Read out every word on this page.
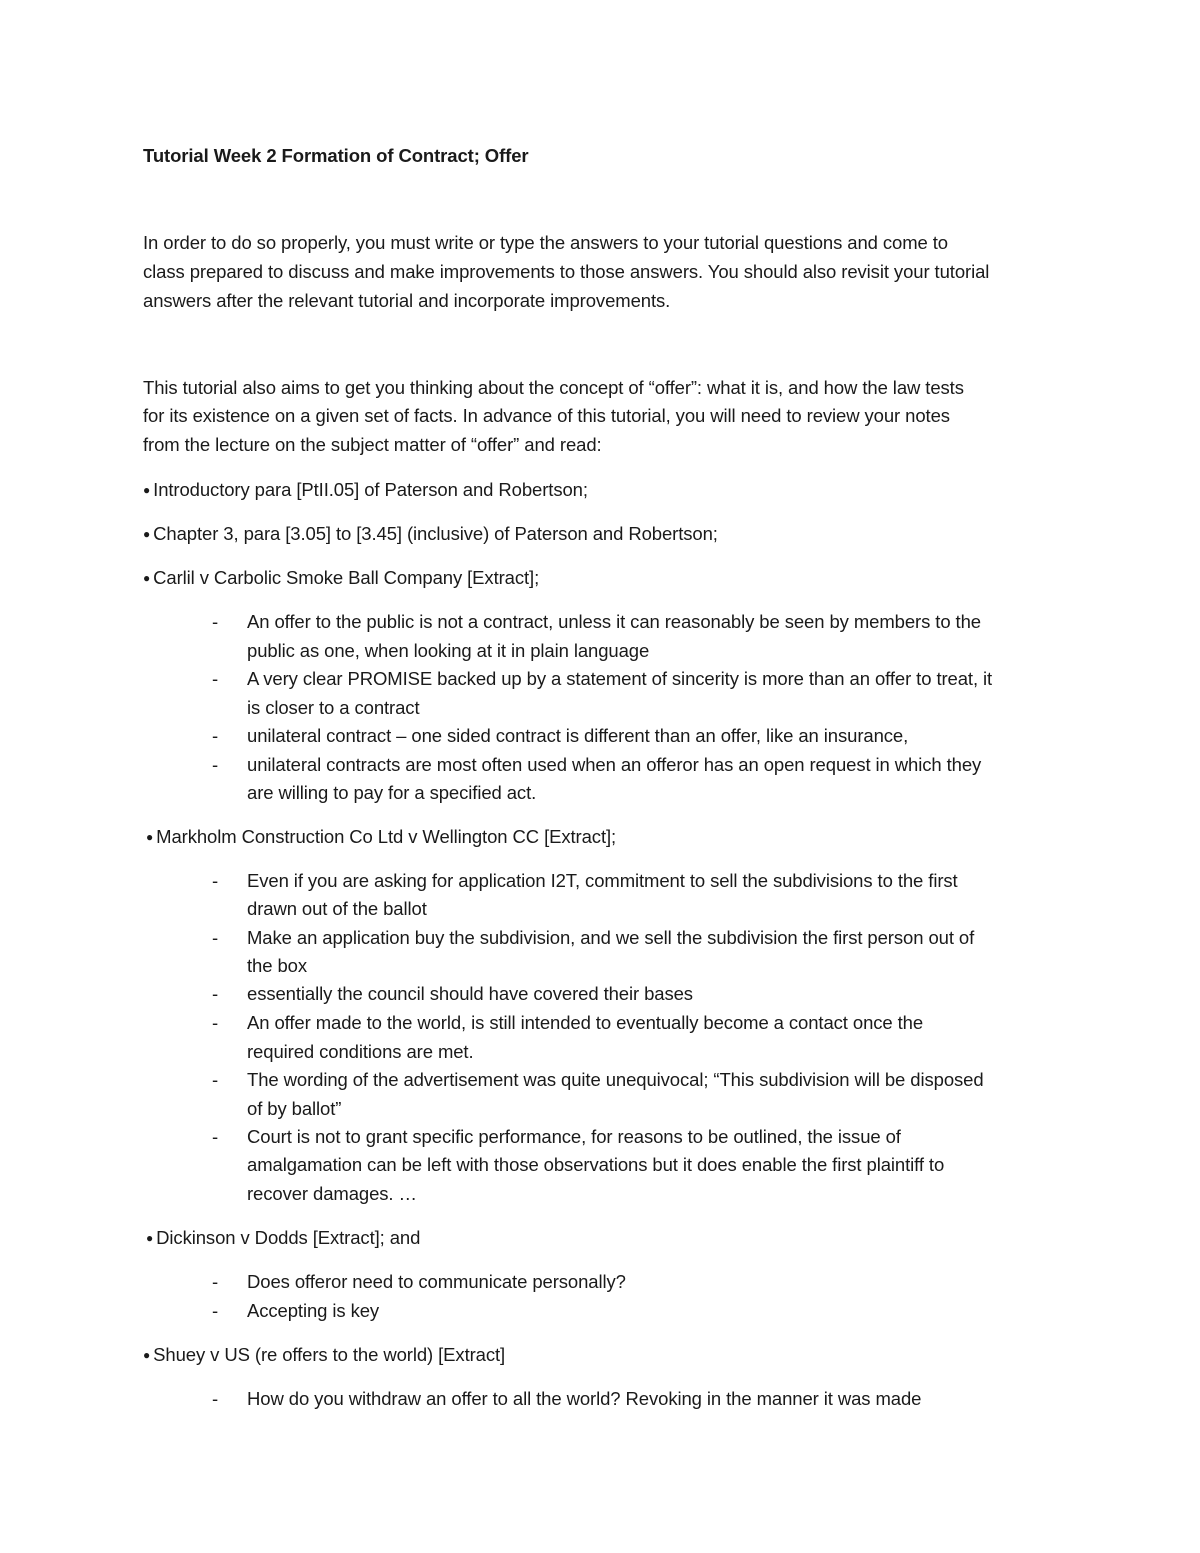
Tutorial Week 2 Formation of Contract; Offer
In order to do so properly, you must write or type the answers to your tutorial questions and come to
class prepared to discuss and make improvements to those answers. You should also revisit your tutorial
answers after the relevant tutorial and incorporate improvements.
This tutorial also aims to get you thinking about the concept of “offer”: what it is, and how the law tests
for its existence on a given set of facts. In advance of this tutorial, you will need to review your notes
from the lecture on the subject matter of “offer” and read:
● Introductory para [PtII.05] of Paterson and Robertson;
● Chapter 3, para [3.05] to [3.45] (inclusive) of Paterson and Robertson;
● Carlil v Carbolic Smoke Ball Company [Extract];
- An offer to the public is not a contract, unless it can reasonably be seen by members to the
public as one, when looking at it in plain language
- A very clear PROMISE backed up by a statement of sincerity is more than an offer to treat, it
is closer to a contract
- unilateral contract – one sided contract is different than an offer, like an insurance,
- unilateral contracts are most often used when an offeror has an open request in which they
are willing to pay for a specified act.
● Markholm Construction Co Ltd v Wellington CC [Extract];
- Even if you are asking for application I2T, commitment to sell the subdivisions to the first
drawn out of the ballot
- Make an application buy the subdivision, and we sell the subdivision the first person out of
the box
- essentially the council should have covered their bases
- An offer made to the world, is still intended to eventually become a contact once the
required conditions are met.
- The wording of the advertisement was quite unequivocal; “This subdivision will be disposed
of by ballot”
- Court is not to grant specific performance, for reasons to be outlined, the issue of
amalgamation can be left with those observations but it does enable the first plaintiff to
recover damages. …
● Dickinson v Dodds [Extract]; and
- Does offeror need to communicate personally?
- Accepting is key
● Shuey v US (re offers to the world) [Extract]
- How do you withdraw an offer to all the world? Revoking in the manner it was made
